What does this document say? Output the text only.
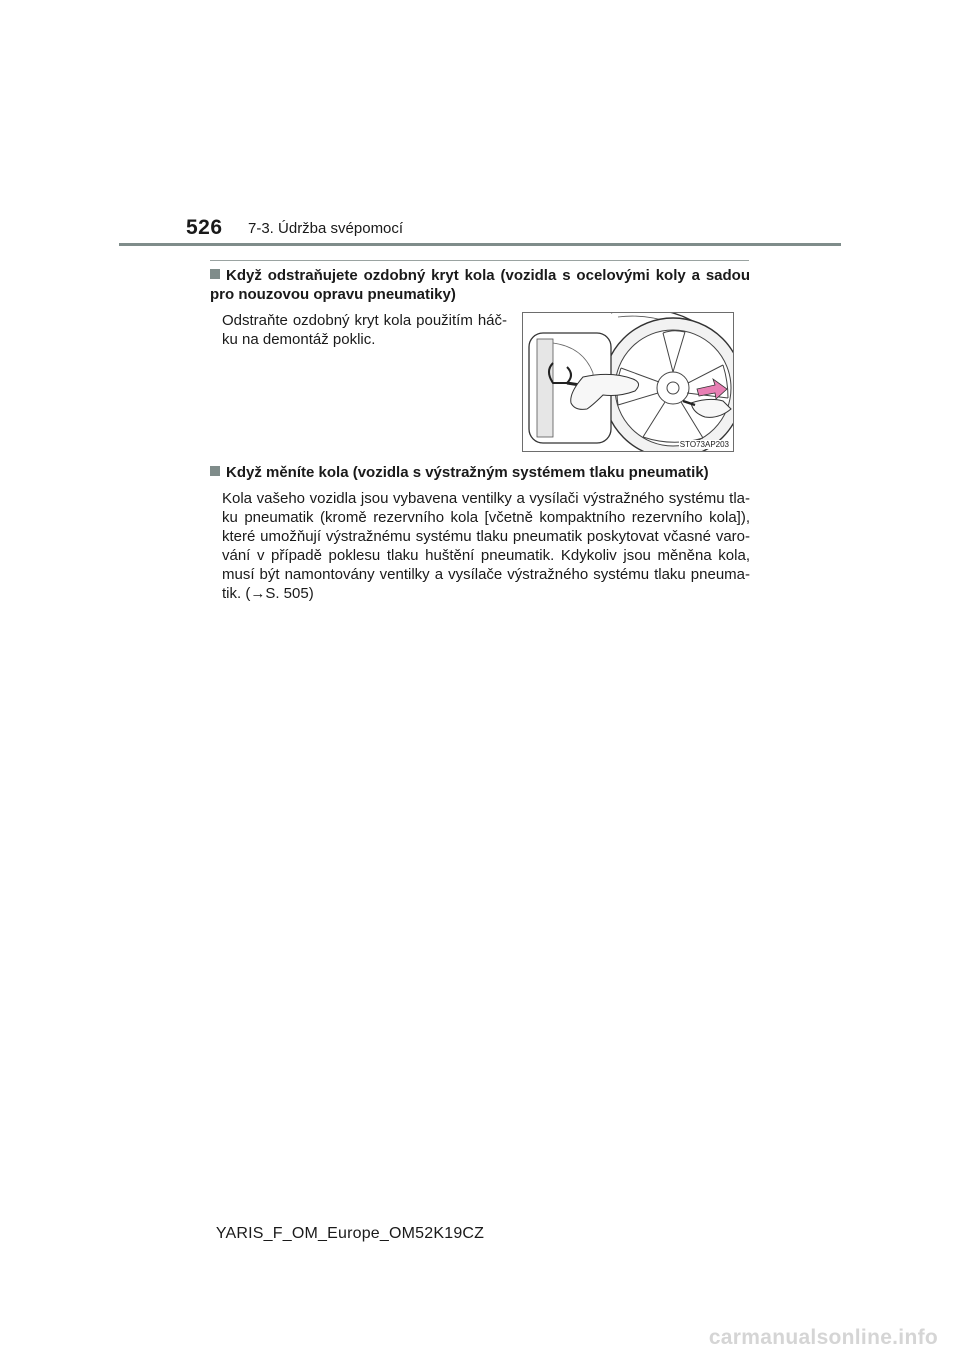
526 7-3. Údržba svépomocí
Když odstraňujete ozdobný kryt kola (vozidla s ocelovými koly a sadou pro nouzovou opravu pneumatiky)
Odstraňte ozdobný kryt kola použitím háč-ku na demontáž poklic.
STO73AP203
Když měníte kola (vozidla s výstražným systémem tlaku pneumatik)
Kola vašeho vozidla jsou vybavena ventilky a vysílači výstražného systému tla-ku pneumatik (kromě rezervního kola [včetně kompaktního rezervního kola]), které umožňují výstražnému systému tlaku pneumatik poskytovat včasné varo-vání v případě poklesu tlaku huštění pneumatik. Kdykoliv jsou měněna kola, musí být namontovány ventilky a vysílače výstražného systému tlaku pneuma-tik. (→S. 505)
YARIS_F_OM_Europe_OM52K19CZ
carmanualsonline.info
